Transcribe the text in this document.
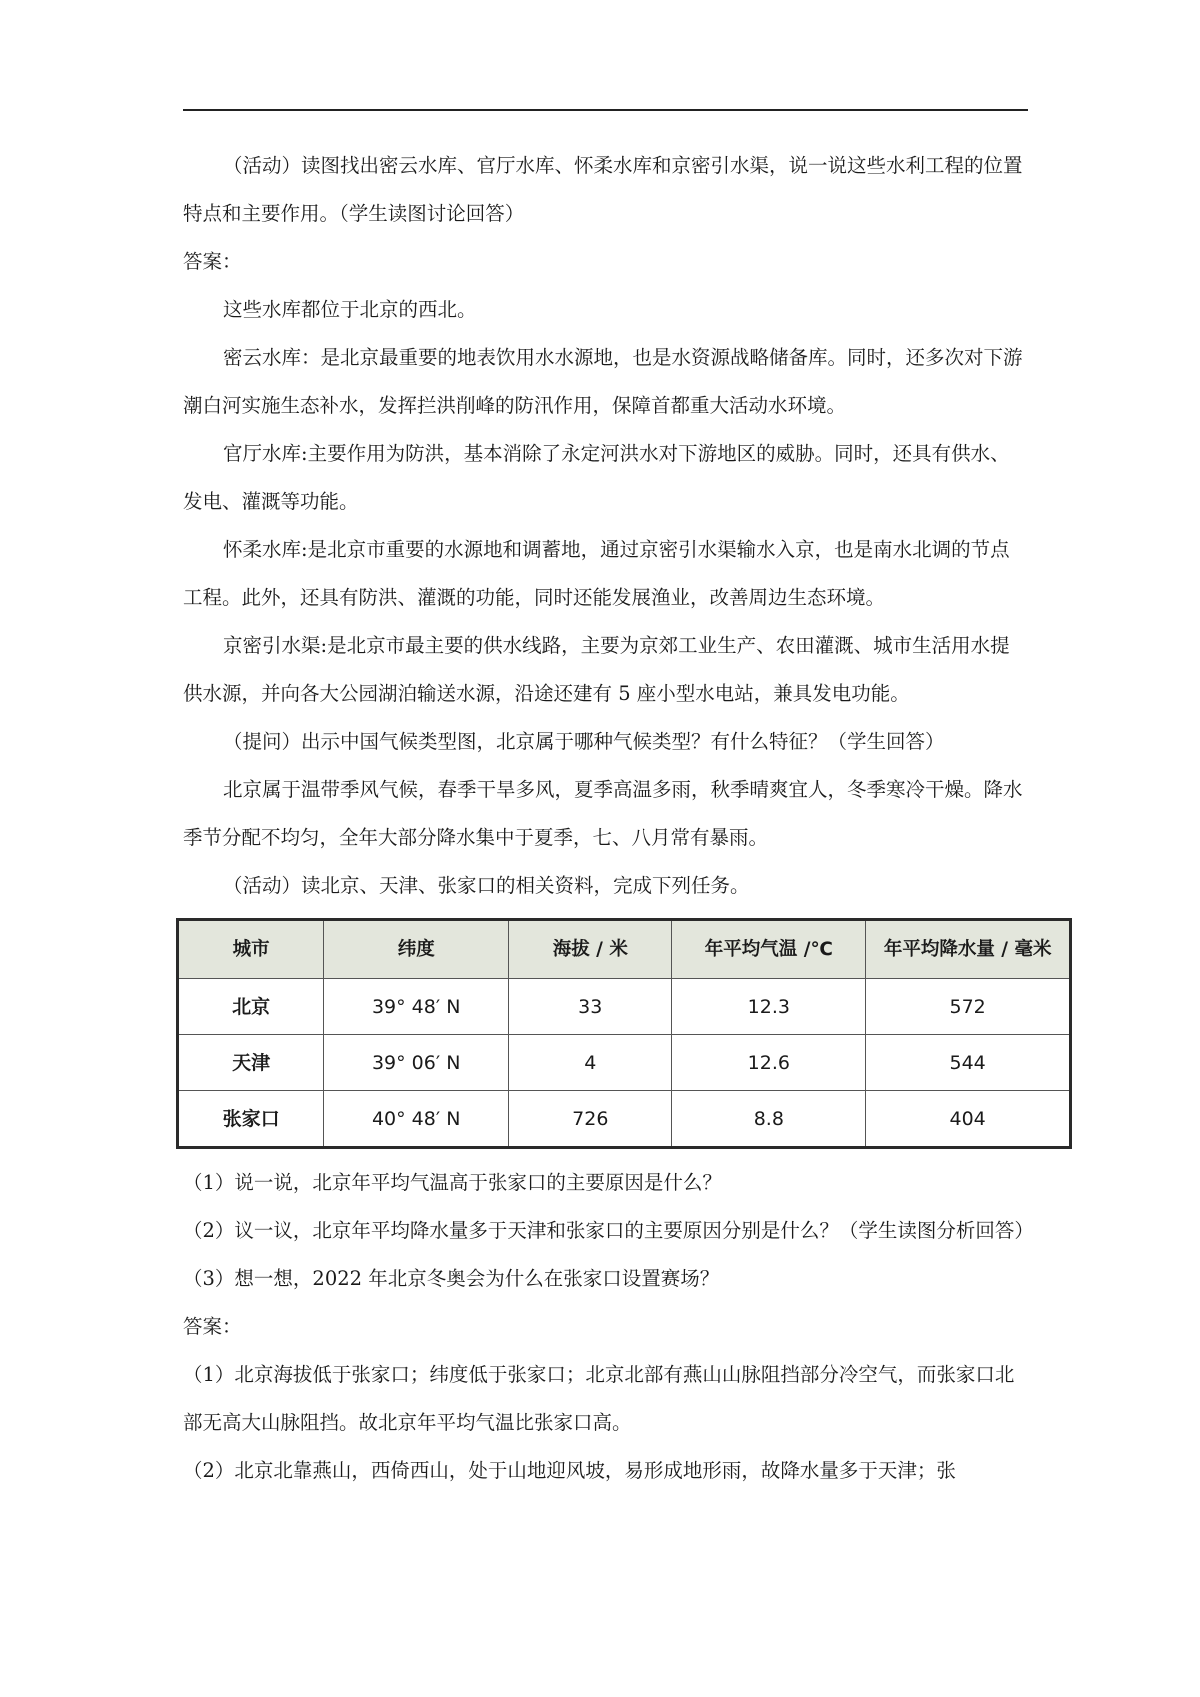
（活动）读图找出密云水库、官厅水库、怀柔水库和京密引水渠，说一说这些水利工程的位置特点和主要作用。（学生读图讨论回答）

答案：

这些水库都位于北京的西北。

密云水库：是北京最重要的地表饮用水水源地，也是水资源战略储备库。同时，还多次对下游潮白河实施生态补水，发挥拦洪削峰的防汛作用，保障首都重大活动水环境。

官厅水库:主要作用为防洪，基本消除了永定河洪水对下游地区的威胁。同时，还具有供水、发电、灌溉等功能。

怀柔水库:是北京市重要的水源地和调蓄地，通过京密引水渠输水入京，也是南水北调的节点工程。此外，还具有防洪、灌溉的功能，同时还能发展渔业，改善周边生态环境。

京密引水渠:是北京市最主要的供水线路，主要为京郊工业生产、农田灌溉、城市生活用水提供水源，并向各大公园湖泊输送水源，沿途还建有 5 座小型水电站，兼具发电功能。

（提问）出示中国气候类型图，北京属于哪种气候类型？有什么特征？（学生回答）

北京属于温带季风气候，春季干旱多风，夏季高温多雨，秋季晴爽宜人，冬季寒冷干燥。降水季节分配不均匀，全年大部分降水集中于夏季，七、八月常有暴雨。

（活动）读北京、天津、张家口的相关资料，完成下列任务。

城市	纬度	海拔 / 米	年平均气温 /℃	年平均降水量 / 毫米
北京	39° 48′ N	33	12.3	572
天津	39° 06′ N	4	12.6	544
张家口	40° 48′ N	726	8.8	404

（1）说一说，北京年平均气温高于张家口的主要原因是什么？

（2）议一议，北京年平均降水量多于天津和张家口的主要原因分别是什么？（学生读图分析回答）

（3）想一想，2022 年北京冬奥会为什么在张家口设置赛场？

答案：

（1）北京海拔低于张家口；纬度低于张家口；北京北部有燕山山脉阻挡部分冷空气，而张家口北部无高大山脉阻挡。故北京年平均气温比张家口高。

（2）北京北靠燕山，西倚西山，处于山地迎风坡，易形成地形雨，故降水量多于天津；张
